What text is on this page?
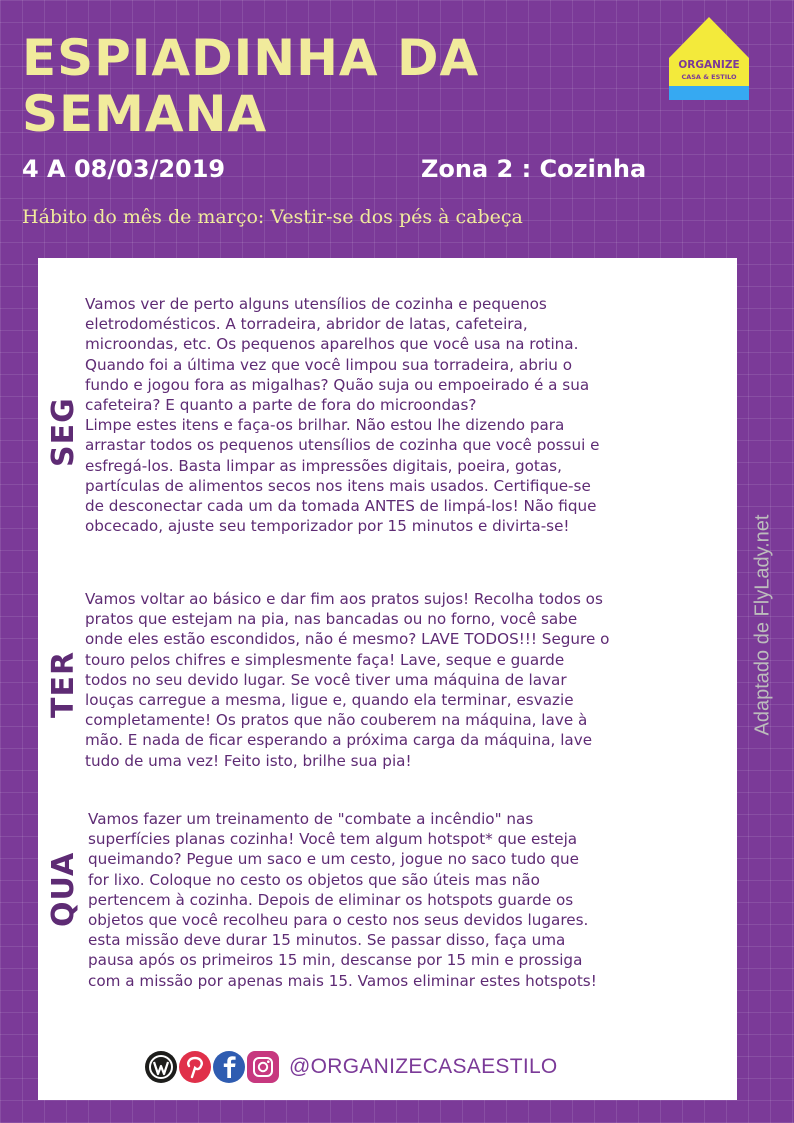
ESPIADINHA DA
SEMANA
4 A 08/03/2019	Zona 2 : Cozinha
Hábito do mês de março: Vestir-se dos pés à cabeça
ORGANIZE
CASA & ESTILO
SEG

Vamos ver de perto alguns utensílios de cozinha e pequenos
eletrodomésticos. A torradeira, abridor de latas, cafeteira,
microondas, etc. Os pequenos aparelhos que você usa na rotina.
Quando foi a última vez que você limpou sua torradeira, abriu o
fundo e jogou fora as migalhas? Quão suja ou empoeirado é a sua
cafeteira? E quanto a parte de fora do microondas?
Limpe estes itens e faça-os brilhar. Não estou lhe dizendo para
arrastar todos os pequenos utensílios de cozinha que você possui e
esfregá-los. Basta limpar as impressões digitais, poeira, gotas,
partículas de alimentos secos nos itens mais usados. Certifique-se
de desconectar cada um da tomada ANTES de limpá-los! Não fique
obcecado, ajuste seu temporizador por 15 minutos e divirta-se!

TER

Vamos voltar ao básico e dar fim aos pratos sujos! Recolha todos os
pratos que estejam na pia, nas bancadas ou no forno, você sabe
onde eles estão escondidos, não é mesmo? LAVE TODOS!!! Segure o
touro pelos chifres e simplesmente faça! Lave, seque e guarde
todos no seu devido lugar. Se você tiver uma máquina de lavar
louças carregue a mesma, ligue e, quando ela terminar, esvazie
completamente! Os pratos que não couberem na máquina, lave à
mão. E nada de ficar esperando a próxima carga da máquina, lave
tudo de uma vez! Feito isto, brilhe sua pia!

QUA

Vamos fazer um treinamento de "combate a incêndio" nas
superfícies planas cozinha! Você tem algum hotspot* que esteja
queimando? Pegue um saco e um cesto, jogue no saco tudo que
for lixo. Coloque no cesto os objetos que são úteis mas não
pertencem à cozinha. Depois de eliminar os hotspots guarde os
objetos que você recolheu para o cesto nos seus devidos lugares.
esta missão deve durar 15 minutos. Se passar disso, faça uma
pausa após os primeiros 15 min, descanse por 15 min e prossiga
com a missão por apenas mais 15. Vamos eliminar estes hotspots!

Adaptado de FlyLady.net
@ORGANIZECASAESTILO
